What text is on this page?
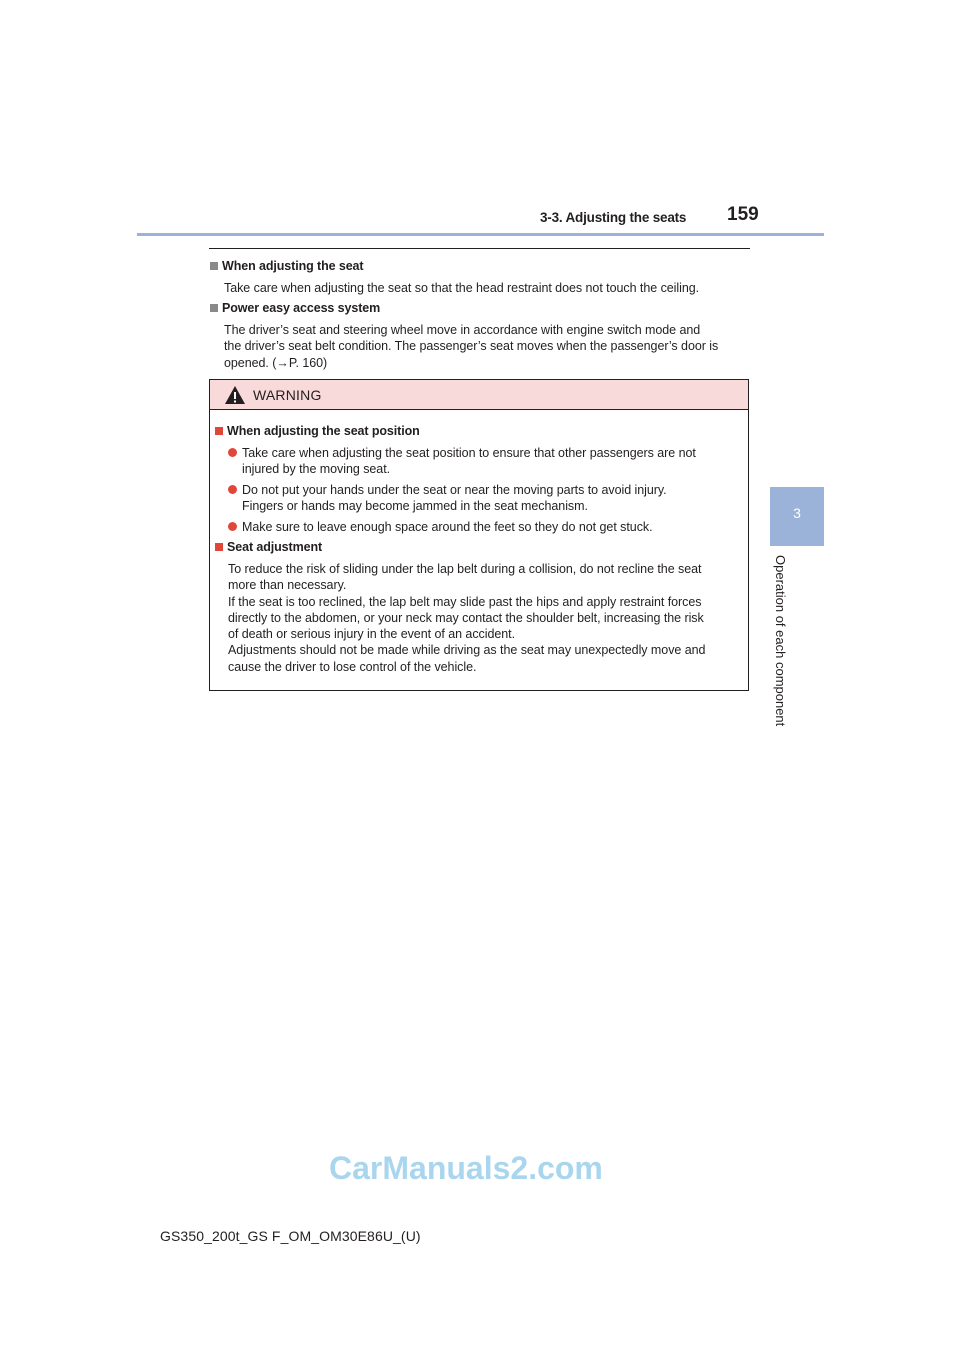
3-3. Adjusting the seats 159
3
Operation of each component
When adjusting the seat
Take care when adjusting the seat so that the head restraint does not touch the ceiling.
Power easy access system
The driver’s seat and steering wheel move in accordance with engine switch mode and
the driver’s seat belt condition. The passenger’s seat moves when the passenger’s door is
opened. (→P. 160)
WARNING
When adjusting the seat position
Take care when adjusting the seat position to ensure that other passengers are not
injured by the moving seat.
Do not put your hands under the seat or near the moving parts to avoid injury.
Fingers or hands may become jammed in the seat mechanism.
Make sure to leave enough space around the feet so they do not get stuck.
Seat adjustment
To reduce the risk of sliding under the lap belt during a collision, do not recline the seat
more than necessary.
If the seat is too reclined, the lap belt may slide past the hips and apply restraint forces
directly to the abdomen, or your neck may contact the shoulder belt, increasing the risk
of death or serious injury in the event of an accident.
Adjustments should not be made while driving as the seat may unexpectedly move and
cause the driver to lose control of the vehicle.
CarManuals2.com
GS350_200t_GS F_OM_OM30E86U_(U)
